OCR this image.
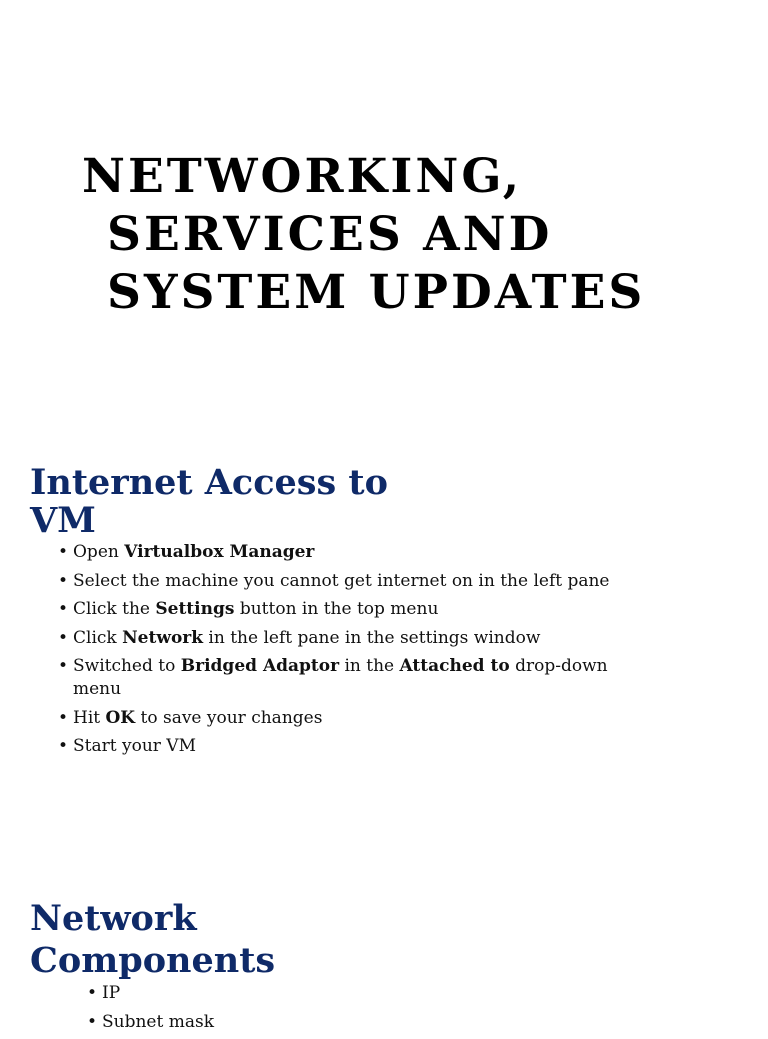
NETWORKING,
SERVICES AND
SYSTEM UPDATES
Internet Access to
VM
• Open Virtualbox Manager
• Select the machine you cannot get internet on in the left pane
• Click the Settings button in the top menu
• Click Network in the left pane in the settings window
• Switched to Bridged Adaptor in the Attached to drop-down menu
• Hit OK to save your changes
• Start your VM
Network
Components
• IP
• Subnet mask
